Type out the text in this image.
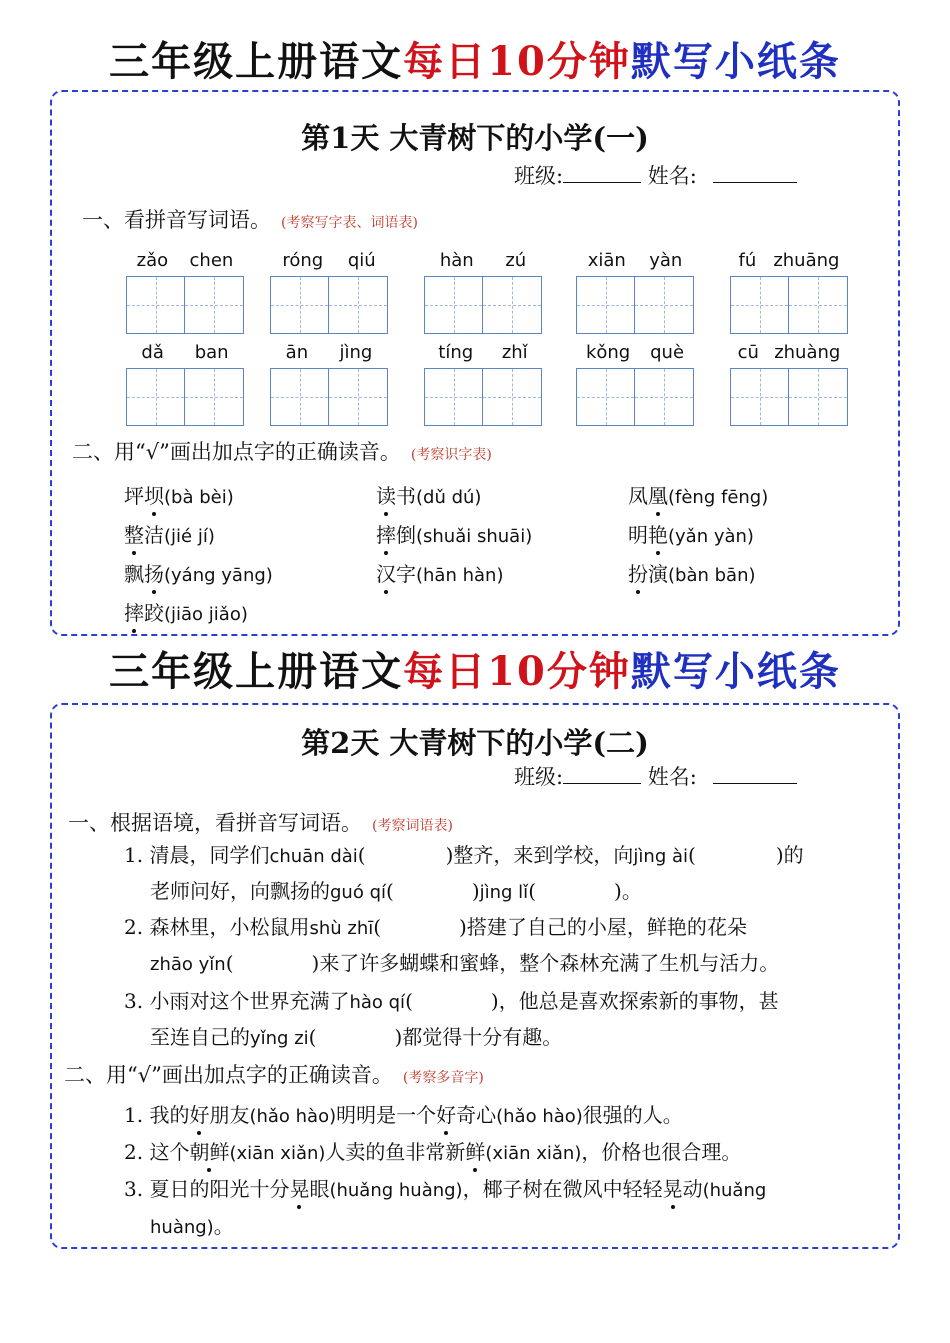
三年级上册语文每日10分钟默写小纸条
第1天 大青树下的小学(一)
班级:	姓名:
一、看拼音写词语。 (考察写字表、词语表)
zǎo chen	róng qiú	hàn zú	xiān yàn	fú zhuāng
dǎ ban	ān jìng	tíng zhǐ	kǒng què	cū zhuàng
二、用“√”画出加点字的正确读音。 (考察识字表)
坪坝(bà bèi)	读书(dǔ dú)	凤凰(fèng fēng)
整洁(jié jí)	摔倒(shuǎi shuāi)	明艳(yǎn yàn)
飘扬(yáng yāng)	汉字(hān hàn)	扮演(bàn bān)
摔跤(jiāo jiǎo)
三年级上册语文每日10分钟默写小纸条
第2天 大青树下的小学(二)
班级:	姓名:
一、根据语境，看拼音写词语。 (考察词语表)
1. 清晨，同学们chuān dài(	)整齐，来到学校，向jìng ài(	)的
老师问好，向飘扬的guó qí(	)jìng lǐ(	)。
2. 森林里，小松鼠用shù zhī(	)搭建了自己的小屋，鲜艳的花朵
zhāo yǐn(	)来了许多蝴蝶和蜜蜂，整个森林充满了生机与活力。
3. 小雨对这个世界充满了hào qí(	)，他总是喜欢探索新的事物，甚
至连自己的yǐng zi(	)都觉得十分有趣。
二、用“√”画出加点字的正确读音。 (考察多音字)
1. 我的好朋友(hǎo hào)明明是一个好奇心(hǎo hào)很强的人。
2. 这个朝鲜(xiān xiǎn)人卖的鱼非常新鲜(xiān xiǎn)，价格也很合理。
3. 夏日的阳光十分晃眼(huǎng huàng)，椰子树在微风中轻轻晃动(huǎng
huàng)。
